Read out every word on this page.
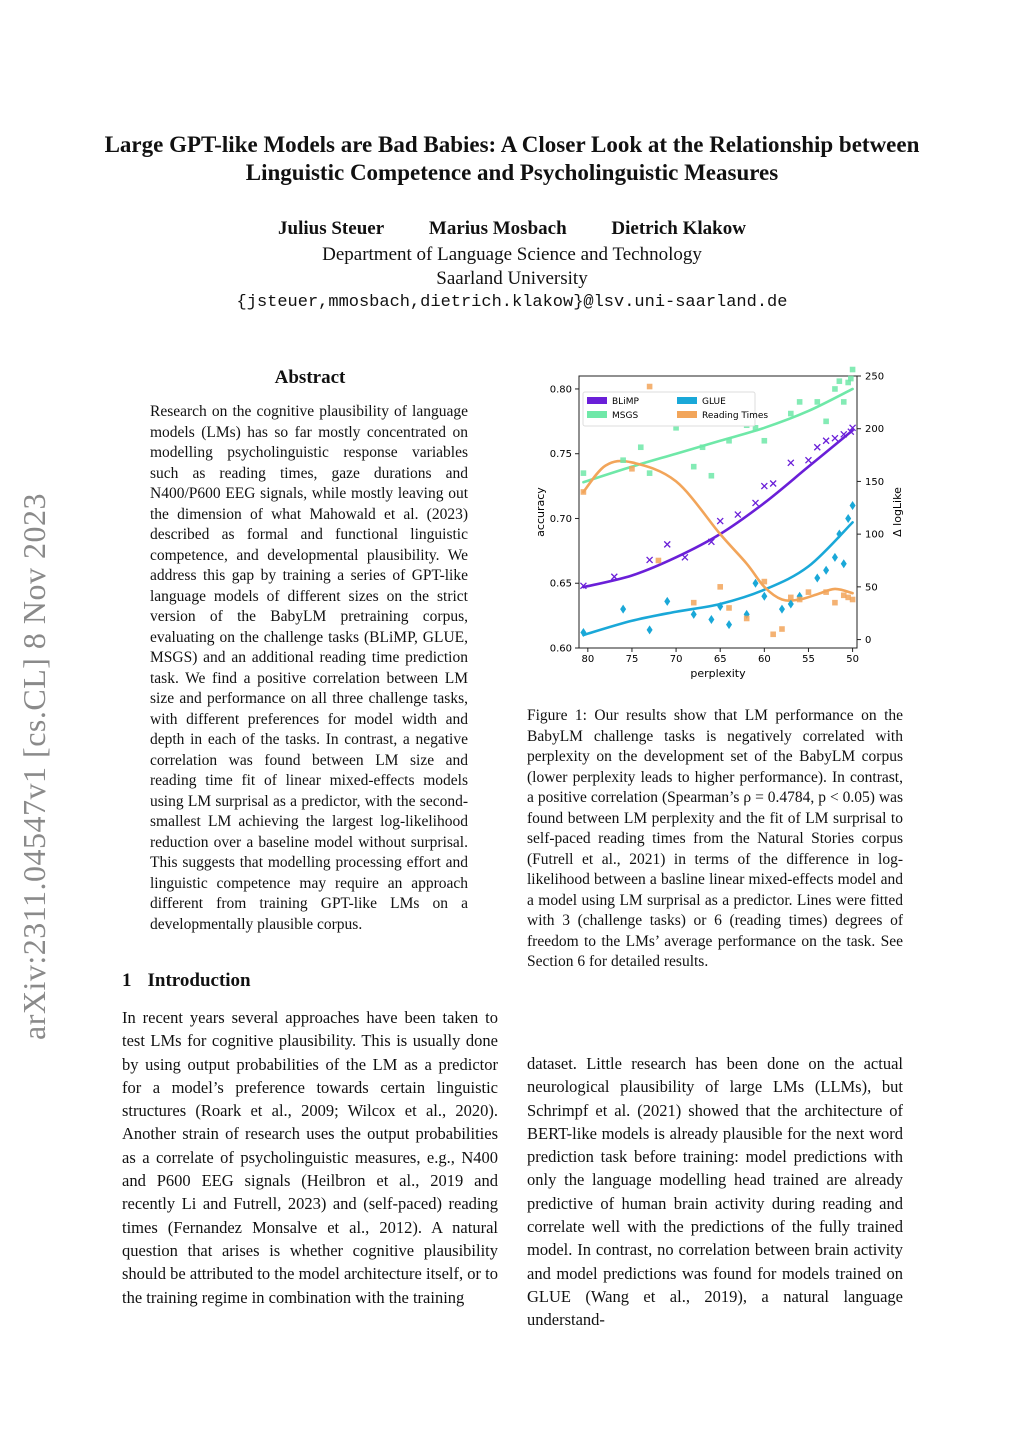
arXiv:2311.04547v1 [cs.CL] 8 Nov 2023
Large GPT-like Models are Bad Babies: A Closer Look at the Relationship between Linguistic Competence and Psycholinguistic Measures
Julius Steuer Marius Mosbach Dietrich Klakow
Department of Language Science and Technology
Saarland University
{jsteuer,mmosbach,dietrich.klakow}@lsv.uni-saarland.de
Abstract
Research on the cognitive plausibility of language models (LMs) has so far mostly concentrated on modelling psycholinguistic response variables such as reading times, gaze durations and N400/P600 EEG signals, while mostly leaving out the dimension of what Mahowald et al. (2023) described as formal and functional linguistic competence, and developmental plausibility. We address this gap by training a series of GPT-like language models of different sizes on the strict version of the BabyLM pretraining corpus, evaluating on the challenge tasks (BLiMP, GLUE, MSGS) and an additional reading time prediction task. We find a positive correlation between LM size and performance on all three challenge tasks, with different preferences for model width and depth in each of the tasks. In contrast, a negative correlation was found between LM size and reading time fit of linear mixed-effects models using LM surprisal as a predictor, with the second-smallest LM achieving the largest log-likelihood reduction over a baseline model without surprisal. This suggests that modelling processing effort and linguistic competence may require an approach different from training GPT-like LMs on a developmentally plausible corpus.
1 Introduction
In recent years several approaches have been taken to test LMs for cognitive plausibility. This is usually done by using output probabilities of the LM as a predictor for a model’s preference towards certain linguistic structures (Roark et al., 2009; Wilcox et al., 2020). Another strain of research uses the output probabilities as a correlate of psycholinguistic measures, e.g., N400 and P600 EEG signals (Heilbron et al., 2019 and recently Li and Futrell, 2023) and (self-paced) reading times (Fernandez Monsalve et al., 2012). A natural question that arises is whether cognitive plausibility should be attributed to the model architecture itself, or to the training regime in combination with the training
80	75	70	65	60	55	50
0.60
0.65
0.70
0.75
0.80
0
50
100
150
200
250
BLiMP	GLUE
MSGS	Reading Times
perplexity
accuracy	Δ logLike
Figure 1: Our results show that LM performance on the BabyLM challenge tasks is negatively correlated with perplexity on the development set of the BabyLM corpus (lower perplexity leads to higher performance). In contrast, a positive correlation (Spearman’s ρ = 0.4784, p < 0.05) was found between LM perplexity and the fit of LM surprisal to self-paced reading times from the Natural Stories corpus (Futrell et al., 2021) in terms of the difference in log-likelihood between a basline linear mixed-effects model and a model using LM surprisal as a predictor. Lines were fitted with 3 (challenge tasks) or 6 (reading times) degrees of freedom to the LMs’ average performance on the task. See Section 6 for detailed results.
dataset. Little research has been done on the actual neurological plausibility of large LMs (LLMs), but Schrimpf et al. (2021) showed that the architecture of BERT-like models is already plausible for the next word prediction task before training: model predictions with only the language modelling head trained are already predictive of human brain activity during reading and correlate well with the predictions of the fully trained model. In contrast, no correlation between brain activity and model predictions was found for models trained on GLUE (Wang et al., 2019), a natural language understand-
